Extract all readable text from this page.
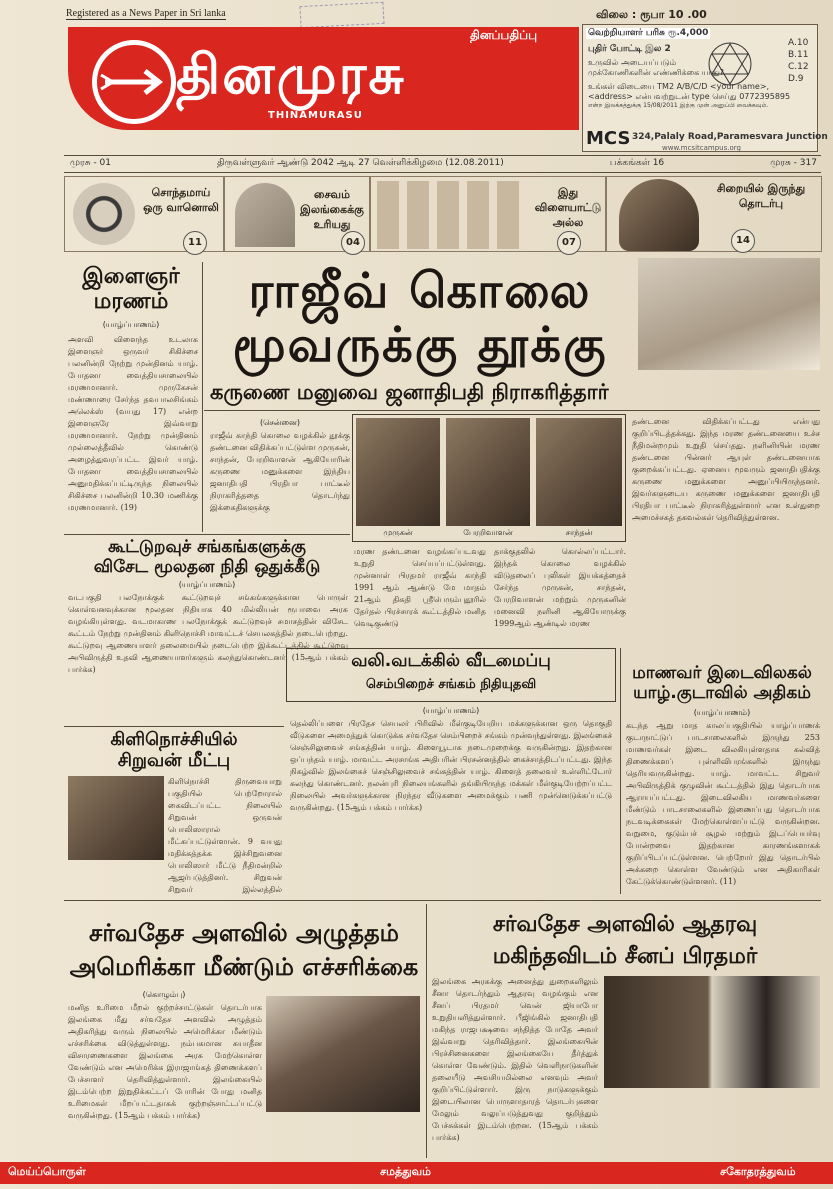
Registered as a News Paper in Sri lanka	விலை : ரூபா 10 .00
தினமுரசு
தினப்பதிப்பு
THINAMURASU
வெற்றியாளர் பரிசு ரூ.4,000
புதிர் போட்டி இல 2
உருவில் அடையப்படும்
முக்கோணிகளின் எண்ணிக்கை யாது?
உங்கள் விடையை TM2 A/B/C/D <your name>,
<address> என்பவற்றுடன் type செய்து 0772395895
என்ற இலக்கத்துக்கு 15/08/2011 இற்கு முன் அனுப்பி வைக்கவும்.
A.10
B.11
C.12
D.9
MCS 324,Palaly Road,Paramesvara Junction
www.mcsitcampus.org
முரசு - 01	திருவள்ளுவர் ஆண்டு 2042 ஆடி 27 வெள்ளிக்கிழமை (12.08.2011)	பக்கங்கள் 16	முரசு - 317
சொந்தமாய் ஒரு வானொலி
11
சைவம் இலங்கைக்கு உரியது
04
இது விளையாட்டு அல்ல
07
சிறையில் இருந்து தொடர்பு
14
இளைஞர்
மரணம்
(யாழ்ப்பாணம்)
அளவி விளைந்த உடலாக இளைஞர் ஒருவர் சிகிச்சை பலனின்றி நேற்று முன்தினம் யாழ். போதனா வைத்தியசாலையில் மரணமானார். முருகேசன் மண்ணாரை சேர்ந்த தவபாலசிங்கம் அலெக்ஸ் (வயது 17) என்ற இளைஞரே இவ்வாறு மரணமானார். நேற்று முன்தினம் முல்லைத்தீவில் கொண்டு அழைத்துவரப்பட்ட இவர் யாழ். போதனா வைத்தியசாலையில் அனுமதிக்கப்பட்டிருந்த நிலையில் சிகிச்சை பலனின்றி 10.30 மணிக்கு மரணமானார். (19)
ராஜீவ் கொலை
மூவருக்கு தூக்கு
கருணை மனுவை ஜனாதிபதி நிராகரித்தார்
(சென்னை)
ராஜீவ் காந்தி கொலை வழக்கில் தூக்கு தண்டனை விதிக்கப்பட்டுள்ள முருகன், சாந்தன், பேரறிவாளன் ஆகியோரின் கருணை மனுக்களை இந்திய ஜனாதிபதி பிரதிபா பாட்டீல் நிராகரித்ததை தொடர்ந்து இக்கைதிகளுக்கு
முருகன்	பேரறிவாளன்	சாந்தன்
மரண தண்டனை வழங்கப்படவது உறுதி செய்யப்பட்டுள்ளது. முன்னாள் பிரதமர் ராஜீவ் காந்தி 1991 ஆம் ஆண்டு மே மாதம் 21ஆம் திகதி ஸ்ரீபெரும்புதூரில் தேர்தல் பிரச்சாரக் கூட்டத்தில் மனித வெடிகுண்டு
தாக்குதலில் கொல்லப்பட்டார். இந்தக் கொலை வழக்கில் விடுதலைப் புலிகள் இயக்கத்தைச் சேர்ந்த முருகன், சாந்தன், பேரறிவாளன் மற்றும் முருகனின் மனைவி நளினி ஆகியோருக்கு 1999ஆம் ஆண்டில் மரண
தண்டனை விதிக்கப்பட்டது என்பது குறிப்பிடத்தக்கது. இந்த மரண தண்டனையை உச்ச நீதிமன்றமும் உறுதி செய்தது. நளினியின் மரண தண்டனை பின்னர் ஆயுள் தண்டனையாக குறைக்கப்பட்டது. ஏனைய மூவரும் ஜனாதிபதிக்கு கருணை மனுக்களை அனுப்பியிருந்தனர். இவர்களுடைய கருணை மனுக்களை ஜனாதிபதி பிரதிபா பாட்டீல் நிராகரித்துள்ளார் என உள்துறை அமைச்சகத் தகவல்கள் தெரிவித்துள்ளன.
கூட்டுறவுச் சங்கங்களுக்கு
விசேட மூலதன நிதி ஒதுக்கீடு
(யாழ்ப்பாணம்)
வடபகுதி பலநோக்குக் கூட்டுறவுச் சங்கங்களுக்கான பொருள் கொள்வனவுக்கான மூலதன நிதியாக 40 மில்லியன் ரூபாவை அரசு வழங்கியுள்ளது. வடமாகாண பலநோக்குக் கூட்டுறவுச் சமாசத்தின் விசேட கூட்டம் நேற்று முன்தினம் கிளிநொச்சி மாவட்டச் செயலகத்தில் நடைபெற்றது. கூட்டுறவு ஆணையாளர் தலைமையில் நடைபெற்ற இக்கூட்டத்தில் கூட்டுறவு அபிவிருத்தி உதவி ஆணையாளர்களும் கலந்துகொண்டனர். (15ஆம் பக்கம் பார்க்க)
கிளிநொச்சியில்
சிறுவன் மீட்பு
கிளிநொச்சி திருவையாறு பகுதியில் பெற்றோரால் கைவிடப்பட்ட நிலையில் சிறுவன் ஒருவன் பொலிஸாரால் மீட்கப்பட்டுள்ளான். 9 வயது மதிக்கத்தக்க இச்சிறுவனை பொலிஸார் மீட்டு நீதிமன்றில் ஆஜர்படுத்தினர். சிறுவன் சிறுவர் இல்லத்தில்
வலி.வடக்கில் வீடமைப்பு
செம்பிறைச் சங்கம் நிதியுதவி
(யாழ்ப்பாணம்)
தெல்லிப்பளை பிரதேச செயலர் பிரிவில் மீள்குடியேறிய மக்களுக்கான ஒரு தொகுதி வீடுகளை அமைத்துக் கொடுக்க சர்வதேச செம்பிறைச் சங்கம் முன்வந்துள்ளது. இலங்கைச் செஞ்சிலுவைச் சங்கத்தின் யாழ். கிளையூடாக நடைமுறைக்கு வருகின்றது. இதற்கான ஒப்பந்தம் யாழ். மாவட்ட அரசாங்க அதிபரின் பிரசன்னத்தில் கைச்சாத்திடப்பட்டது. இந்த நிகழ்வில் இலங்கைச் செஞ்சிலுவைச் சங்கத்தின் யாழ். கிளைத் தலைவர் உள்ளிட்டோர் கலந்து கொண்டனர். நலன்புரி நிலையங்களில் தங்கியிருந்த மக்கள் மீள்குடியேற்றப்பட்ட நிலையில் அவர்களுக்கான நிரந்தர வீடுகளை அமைக்கும் பணி முன்னெடுக்கப்பட்டு வருகின்றது. (15ஆம் பக்கம் பார்க்க)
மாணவர் இடைவிலகல்
யாழ்.குடாவில் அதிகம்
(யாழ்ப்பாணம்)
கடந்த ஆறு மாத காலப்பகுதியில் யாழ்ப்பாணக் குடாநாட்டுப் பாடசாலைகளில் இருந்து 253 மாணவர்கள் இடை விலகியுள்ளதாக கல்வித் திணைக்களப் புள்ளிவிபரங்களில் இருந்து தெரியவருகின்றது. யாழ். மாவட்ட சிறுவர் அபிவிருத்திக் குழுவின் கூட்டத்தில் இது தொடர்பாக ஆராயப்பட்டது. இடைவிலகிய மாணவர்களை மீண்டும் பாடசாலைகளில் இணைப்பது தொடர்பாக நடவடிக்கைகள் மேற்கொள்ளப்பட்டு வருகின்றன. வறுமை, குடும்பச் சூழல் மற்றும் இடப்பெயர்வு போன்றவை இதற்கான காரணங்களாகக் குறிப்பிடப்பட்டுள்ளன. பெற்றோர் இது தொடர்பில் அக்கறை கொள்ள வேண்டும் என அதிகாரிகள் கேட்டுக்கொண்டுள்ளனர். (11)
சர்வதேச அளவில் அழுத்தம்
அமெரிக்கா மீண்டும் எச்சரிக்கை
(கொழும்பு)
மனித உரிமை மீறல் குற்றச்சாட்டுகள் தொடர்பாக இலங்கை மீது சர்வதேச அளவில் அழுத்தம் அதிகரித்து வரும் நிலையில் அமெரிக்கா மீண்டும் எச்சரிக்கை விடுத்துள்ளது. நம்பகமான சுயாதீன விசாரணைகளை இலங்கை அரசு மேற்கொள்ள வேண்டும் என அமெரிக்க இராஜாங்கத் திணைக்களப் பேச்சாளர் தெரிவித்துள்ளார். இலங்கையில் இடம்பெற்ற இறுதிக்கட்டப் போரின் போது மனித உரிமைகள் மீறப்பட்டதாகக் குற்றஞ்சாட்டப்பட்டு வருகின்றது. (15ஆம் பக்கம் பார்க்க)
சர்வதேச அளவில் ஆதரவு
மகிந்தவிடம் சீனப் பிரதமர்
இலங்கை அரசுக்கு அனைத்து துறைகளிலும் சீனா தொடர்ந்தும் ஆதரவு வழங்கும் என சீனப் பிரதமர் வென் ஜியாபோ உறுதியளித்துள்ளார். பீஜிங்கில் ஜனாதிபதி மகிந்த ராஜபக்ஷவை சந்தித்த போதே அவர் இவ்வாறு தெரிவித்தார். இலங்கையின் பிரச்சினைகளை இலங்கையே தீர்த்துக் கொள்ள வேண்டும். இதில் வெளிநாடுகளின் தலையீடு அவசியமில்லை எனவும் அவர் குறிப்பிட்டுள்ளார். இரு நாடுகளுக்கும் இடையிலான பொருளாதாரத் தொடர்புகளை மேலும் வலுப்படுத்துவது குறித்தும் பேச்சுக்கள் இடம்பெற்றன. (15ஆம் பக்கம் பார்க்க)
மெய்ப்பொருள்	சமத்துவம்	சகோதரத்துவம்
